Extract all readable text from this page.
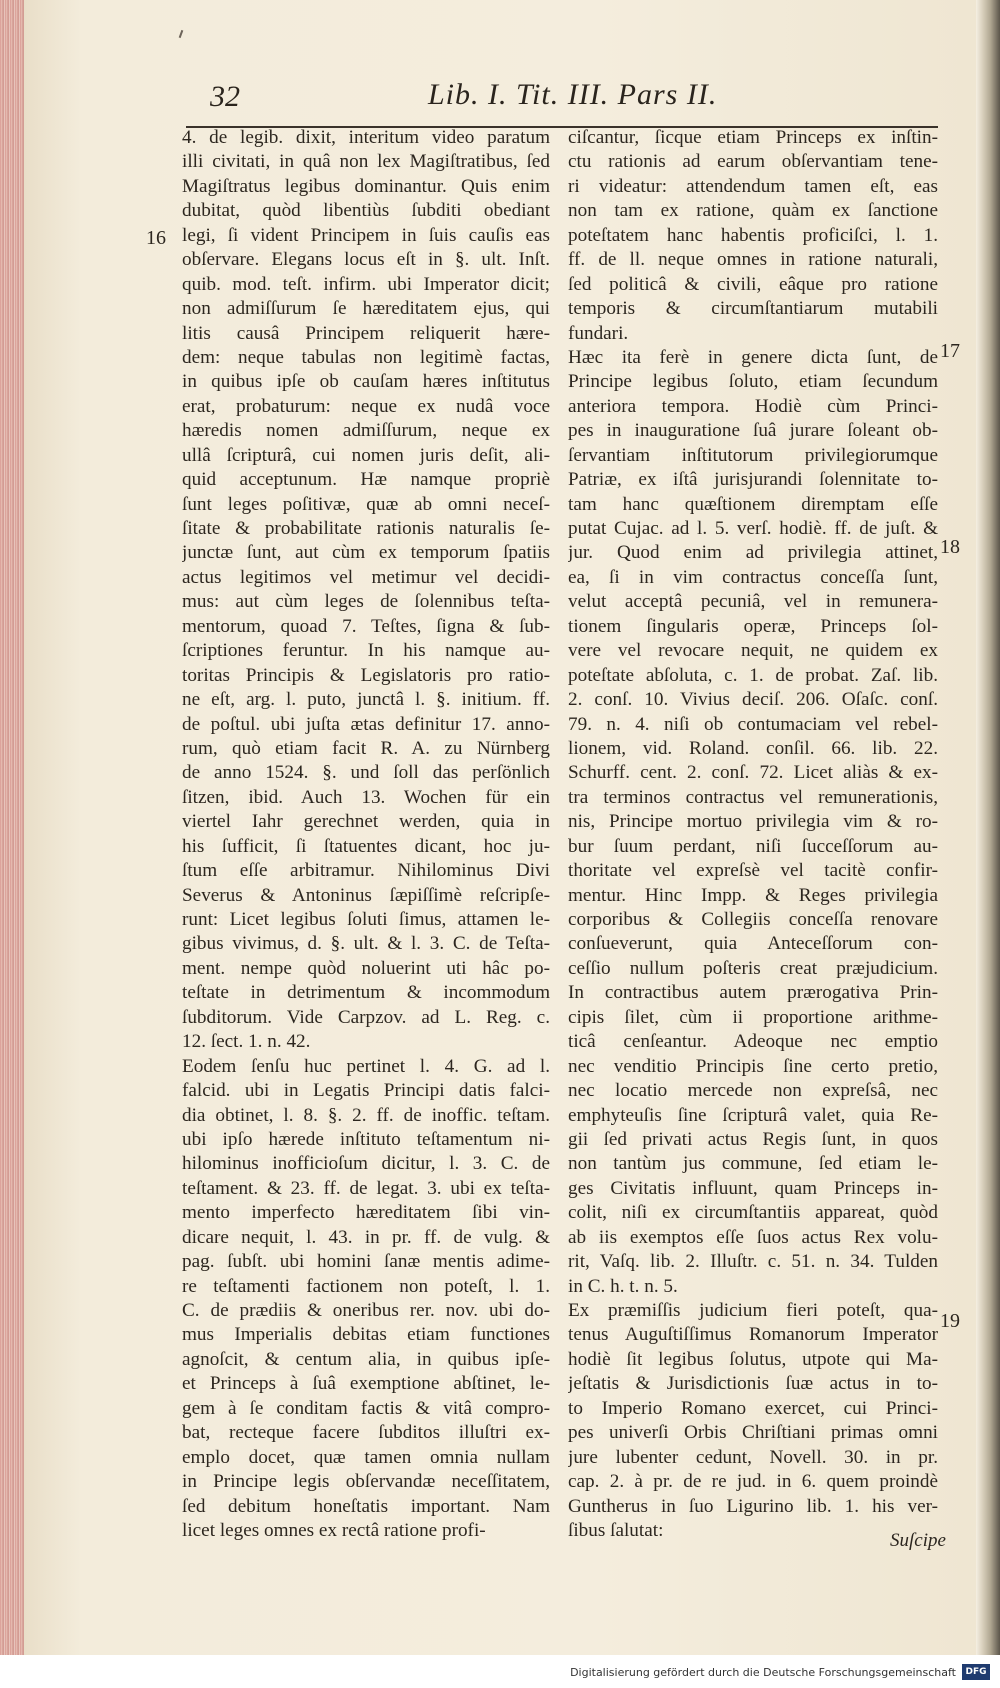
32	Lib. I. Tit. III. Pars II.
4. de legib. dixit, interitum video paratum
illi civitati, in quâ non lex Magiſtratibus, ſed
Magiſtratus legibus dominantur. Quis enim
dubitat, quòd libentiùs ſubditi obediant
legi, ſi vident Principem in ſuis cauſis eas
obſervare. Elegans locus eſt in §. ult. Inſt.
quib. mod. teſt. infirm. ubi Imperator dicit;
non admiſſurum ſe hæreditatem ejus, qui
litis causâ Principem reliquerit hære-
dem: neque tabulas non legitimè factas,
in quibus ipſe ob cauſam hæres inſtitutus
erat, probaturum: neque ex nudâ voce
hæredis nomen admiſſurum, neque ex
ullâ ſcripturâ, cui nomen juris deſit, ali-
quid acceptunum. Hæ namque propriè
ſunt leges poſitivæ, quæ ab omni neceſ-
ſitate & probabilitate rationis naturalis ſe-
junctæ ſunt, aut cùm ex temporum ſpatiis
actus legitimos vel metimur vel decidi-
mus: aut cùm leges de ſolennibus teſta-
mentorum, quoad 7. Teſtes, ſigna & ſub-
ſcriptiones feruntur. In his namque au-
toritas Principis & Legislatoris pro ratio-
ne eſt, arg. l. puto, junctâ l. §. initium. ff.
de poſtul. ubi juſta ætas definitur 17. anno-
rum, quò etiam facit R. A. zu Nürnberg
de anno 1524. §. und ſoll das perſönlich
ſitzen, ibid. Auch 13. Wochen für ein
viertel Iahr gerechnet werden, quia in
his ſufficit, ſi ſtatuentes dicant, hoc ju-
ſtum eſſe arbitramur. Nihilominus Divi
Severus & Antoninus ſæpiſſimè reſcripſe-
runt: Licet legibus ſoluti ſimus, attamen le-
gibus vivimus, d. §. ult. & l. 3. C. de Teſta-
ment. nempe quòd noluerint uti hâc po-
teſtate in detrimentum & incommodum
ſubditorum. Vide Carpzov. ad L. Reg. c.
12. ſect. 1. n. 42.
Eodem ſenſu huc pertinet l. 4. G. ad l.
falcid. ubi in Legatis Principi datis falci-
dia obtinet, l. 8. §. 2. ff. de inoffic. teſtam.
ubi ipſo hærede inſtituto teſtamentum ni-
hilominus inofficioſum dicitur, l. 3. C. de
teſtament. & 23. ff. de legat. 3. ubi ex teſta-
mento imperfecto hæreditatem ſibi vin-
dicare nequit, l. 43. in pr. ff. de vulg. &
pag. ſubſt. ubi homini ſanæ mentis adime-
re teſtamenti factionem non poteſt, l. 1.
C. de prædiis & oneribus rer. nov. ubi do-
mus Imperialis debitas etiam functiones
agnoſcit, & centum alia, in quibus ipſe-
et Princeps à ſuâ exemptione abſtinet, le-
gem à ſe conditam factis & vitâ compro-
bat, recteque facere ſubditos illuſtri ex-
emplo docet, quæ tamen omnia nullam
in Principe legis obſervandæ neceſſitatem,
ſed debitum honeſtatis important. Nam
licet leges omnes ex rectâ ratione profi-
ciſcantur, ſicque etiam Princeps ex inſtin-
ctu rationis ad earum obſervantiam tene-
ri videatur: attendendum tamen eſt, eas
non tam ex ratione, quàm ex ſanctione
poteſtatem hanc habentis proficiſci, l. 1.
ff. de ll. neque omnes in ratione naturali,
ſed politicâ & civili, eâque pro ratione
temporis & circumſtantiarum mutabili
fundari.
Hæc ita ferè in genere dicta ſunt, de
Principe legibus ſoluto, etiam ſecundum
anteriora tempora. Hodiè cùm Princi-
pes in inauguratione ſuâ jurare ſoleant ob-
ſervantiam inſtitutorum privilegiorumque
Patriæ, ex iſtâ jurisjurandi ſolennitate to-
tam hanc quæſtionem diremptam eſſe
putat Cujac. ad l. 5. verſ. hodiè. ff. de juſt. &
jur. Quod enim ad privilegia attinet,
ea, ſi in vim contractus conceſſa ſunt,
velut acceptâ pecuniâ, vel in remunera-
tionem ſingularis operæ, Princeps ſol-
vere vel revocare nequit, ne quidem ex
poteſtate abſoluta, c. 1. de probat. Zaſ. lib.
2. conſ. 10. Vivius deciſ. 206. Oſaſc. conſ.
79. n. 4. niſi ob contumaciam vel rebel-
lionem, vid. Roland. conſil. 66. lib. 22.
Schurff. cent. 2. conſ. 72. Licet aliàs & ex-
tra terminos contractus vel remunerationis,
nis, Principe mortuo privilegia vim & ro-
bur ſuum perdant, niſi ſucceſſorum au-
thoritate vel expreſsè vel tacitè confir-
mentur. Hinc Impp. & Reges privilegia
corporibus & Collegiis conceſſa renovare
conſueverunt, quia Anteceſſorum con-
ceſſio nullum poſteris creat præjudicium.
In contractibus autem prærogativa Prin-
cipis ſilet, cùm ii proportione arithme-
ticâ cenſeantur. Adeoque nec emptio
nec venditio Principis ſine certo pretio,
nec locatio mercede non expreſsâ, nec
emphyteuſis ſine ſcripturâ valet, quia Re-
gii ſed privati actus Regis ſunt, in quos
non tantùm jus commune, ſed etiam le-
ges Civitatis influunt, quam Princeps in-
colit, niſi ex circumſtantiis appareat, quòd
ab iis exemptos eſſe ſuos actus Rex volu-
rit, Vaſq. lib. 2. Illuſtr. c. 51. n. 34. Tulden
in C. h. t. n. 5.
Ex præmiſſis judicium fieri poteſt, qua-
tenus Auguſtiſſimus Romanorum Imperator
hodiè ſit legibus ſolutus, utpote qui Ma-
jeſtatis & Jurisdictionis ſuæ actus in to-
to Imperio Romano exercet, cui Princi-
pes univerſi Orbis Chriſtiani primas omni
jure lubenter cedunt, Novell. 30. in pr.
cap. 2. à pr. de re jud. in 6. quem proindè
Guntherus in ſuo Ligurino lib. 1. his ver-
ſibus ſalutat:
16
17
18
19
Suſcipe
Digitalisierung gefördert durch die Deutsche Forschungsgemeinschaft	DFG
